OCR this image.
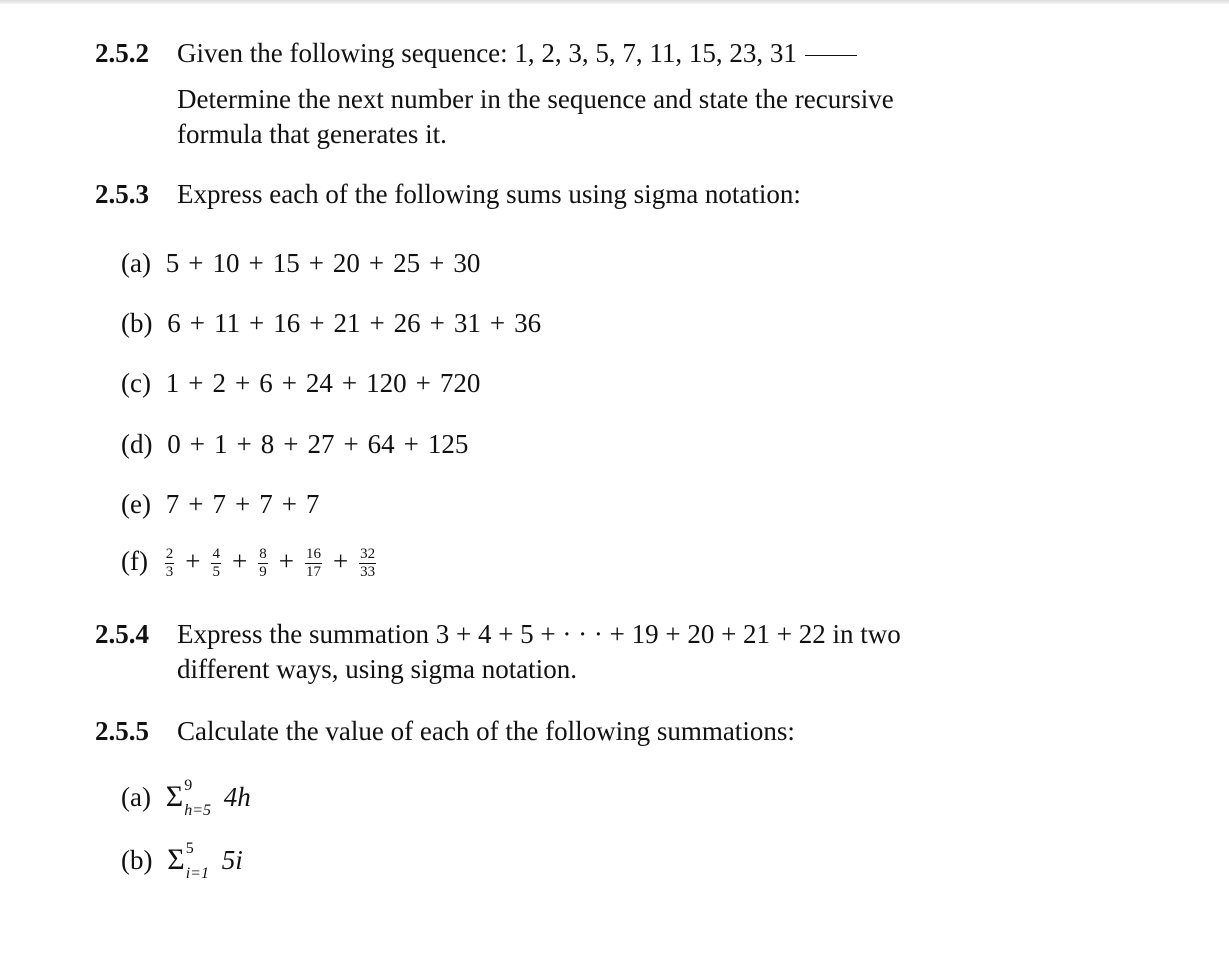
2.5.2 Given the following sequence: 1, 2, 3, 5, 7, 11, 15, 23, 31
Determine the next number in the sequence and state the recursive
formula that generates it.
2.5.3 Express each of the following sums using sigma notation:
(a) 5 + 10 + 15 + 20 + 25 + 30
(b) 6 + 11 + 16 + 21 + 26 + 31 + 36
(c) 1 + 2 + 6 + 24 + 120 + 720
(d) 0 + 1 + 8 + 27 + 64 + 125
(e) 7 + 7 + 7 + 7
$(f) \frac{2}{3} + \frac{4}{5} + \frac{8}{9} + \frac{16}{17} + \frac{32}{33}$
2.5.4 Express the summation 3 + 4 + 5 + · · · + 19 + 20 + 21 + 22 in two
different ways, using sigma notation.
2.5.5 Calculate the value of each of the following summations:
(a) Σ 9
h=5 4h
(b) Σ 5
i=1 5i
